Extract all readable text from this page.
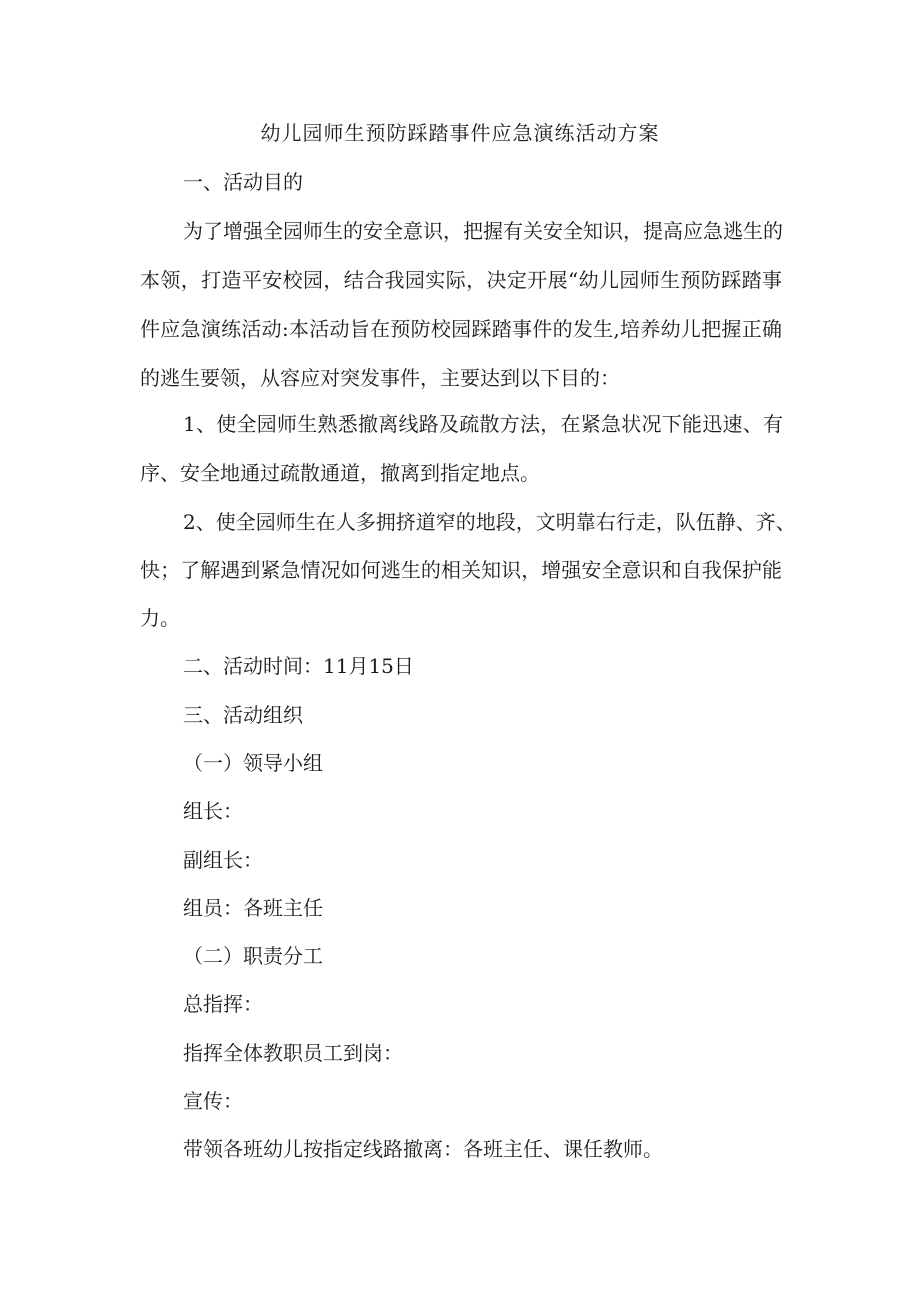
幼儿园师生预防踩踏事件应急演练活动方案
一、活动目的
为了增强全园师生的安全意识，把握有关安全知识，提高应急逃生的
本领，打造平安校园，结合我园实际，决定开展“幼儿园师生预防踩踏事
件应急演练活动:本活动旨在预防校园踩踏事件的发生,培养幼儿把握正确
的逃生要领，从容应对突发事件，主要达到以下目的：
1、使全园师生熟悉撤离线路及疏散方法，在紧急状况下能迅速、有
序、安全地通过疏散通道，撤离到指定地点。
2、使全园师生在人多拥挤道窄的地段，文明靠右行走，队伍静、齐、
快；了解遇到紧急情况如何逃生的相关知识，增强安全意识和自我保护能
力。
二、活动时间：11月15日
三、活动组织
（一）领导小组
组长：
副组长：
组员：各班主任
（二）职责分工
总指挥：
指挥全体教职员工到岗：
宣传：
带领各班幼儿按指定线路撤离：各班主任、课任教师。
